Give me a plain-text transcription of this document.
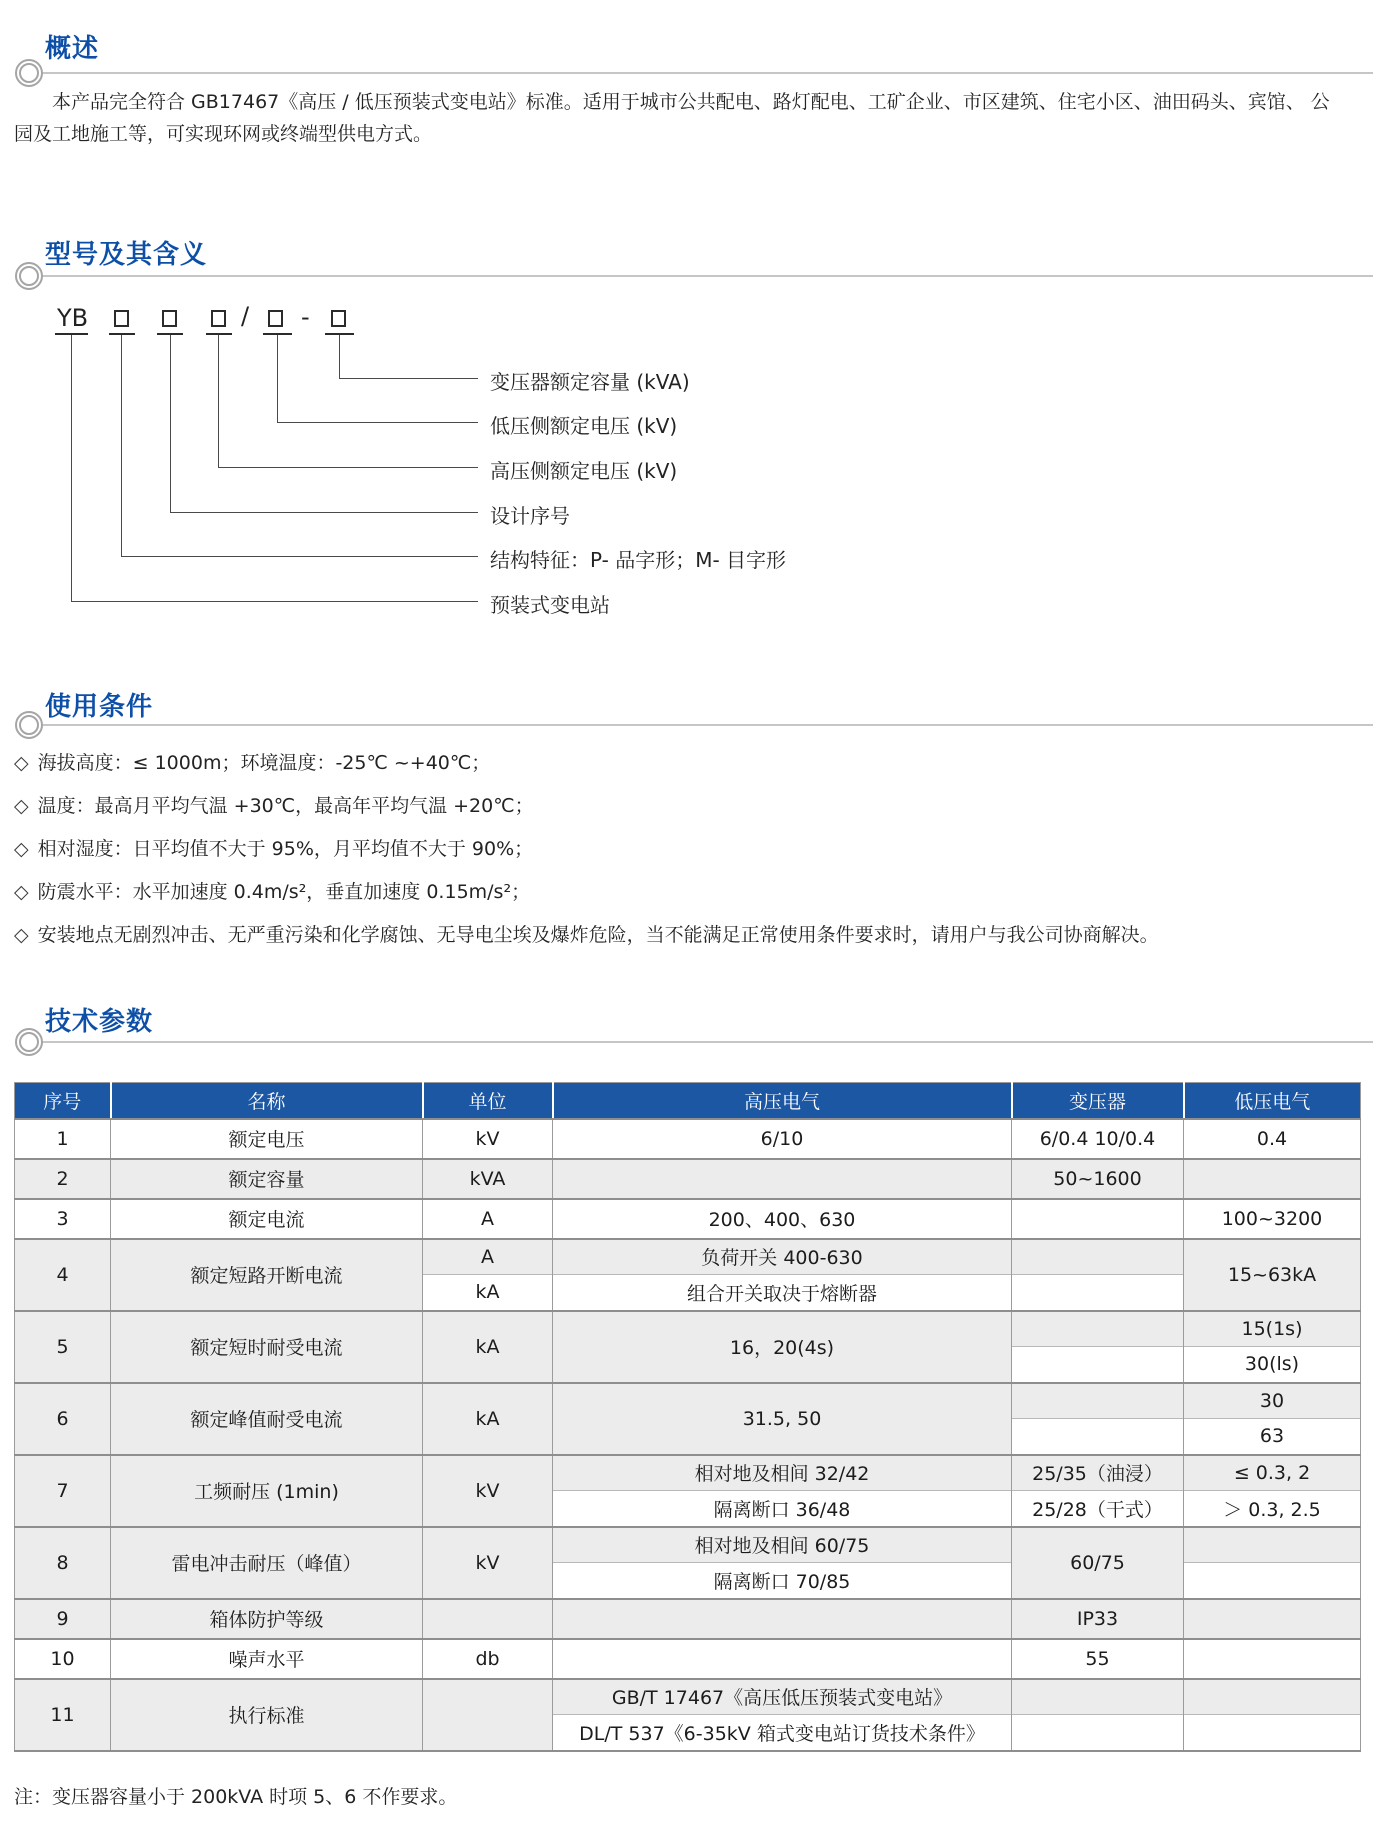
概述
本产品完全符合 GB17467《高压 / 低压预装式变电站》标准。适用于城市公共配电、路灯配电、工矿企业、市区建筑、住宅小区、油田码头、宾馆、 公园及工地施工等，可实现环网或终端型供电方式。
型号及其含义
YB	/ -
变压器额定容量 (kVA)
低压侧额定电压 (kV)
高压侧额定电压 (kV)
设计序号
结构特征：P- 品字形；M- 目字形
预装式变电站
使用条件
◇ 海拔高度：≤ 1000m；环境温度：-25℃ ~+40℃；
◇ 温度：最高月平均气温 +30℃，最高年平均气温 +20℃；
◇ 相对湿度：日平均值不大于 95%，月平均值不大于 90%；
◇ 防震水平：水平加速度 0.4m/s²，垂直加速度 0.15m/s²；
◇ 安装地点无剧烈冲击、无严重污染和化学腐蚀、无导电尘埃及爆炸危险，当不能满足正常使用条件要求时，请用户与我公司协商解决。
技术参数
序号	名称	单位	高压电气	变压器	低压电气
1	额定电压	kV	6/10	6/0.4 10/0.4	0.4
2	额定容量	kVA		50~1600	
3	额定电流	A	200、400、630		100~3200
4	额定短路开断电流	A	负荷开关 400-630		15~63kA
		kA	组合开关取决于熔断器		
5	额定短时耐受电流	kA	16，20(4s)		15(1s)
					30(ls)
6	额定峰值耐受电流	kA	31.5, 50		30
					63
7	工频耐压 (1min)	kV	相对地及相间 32/42	25/35（油浸）	≤ 0.3, 2
			隔离断口 36/48	25/28（干式）	＞ 0.3, 2.5
8	雷电冲击耐压（峰值）	kV	相对地及相间 60/75	60/75	
			隔离断口 70/85		
9	箱体防护等级			IP33	
10	噪声水平	db		55	
11	执行标准		GB/T 17467《高压低压预装式变电站》		
			DL/T 537《6-35kV 箱式变电站订货技术条件》		
注：变压器容量小于 200kVA 时项 5、6 不作要求。
